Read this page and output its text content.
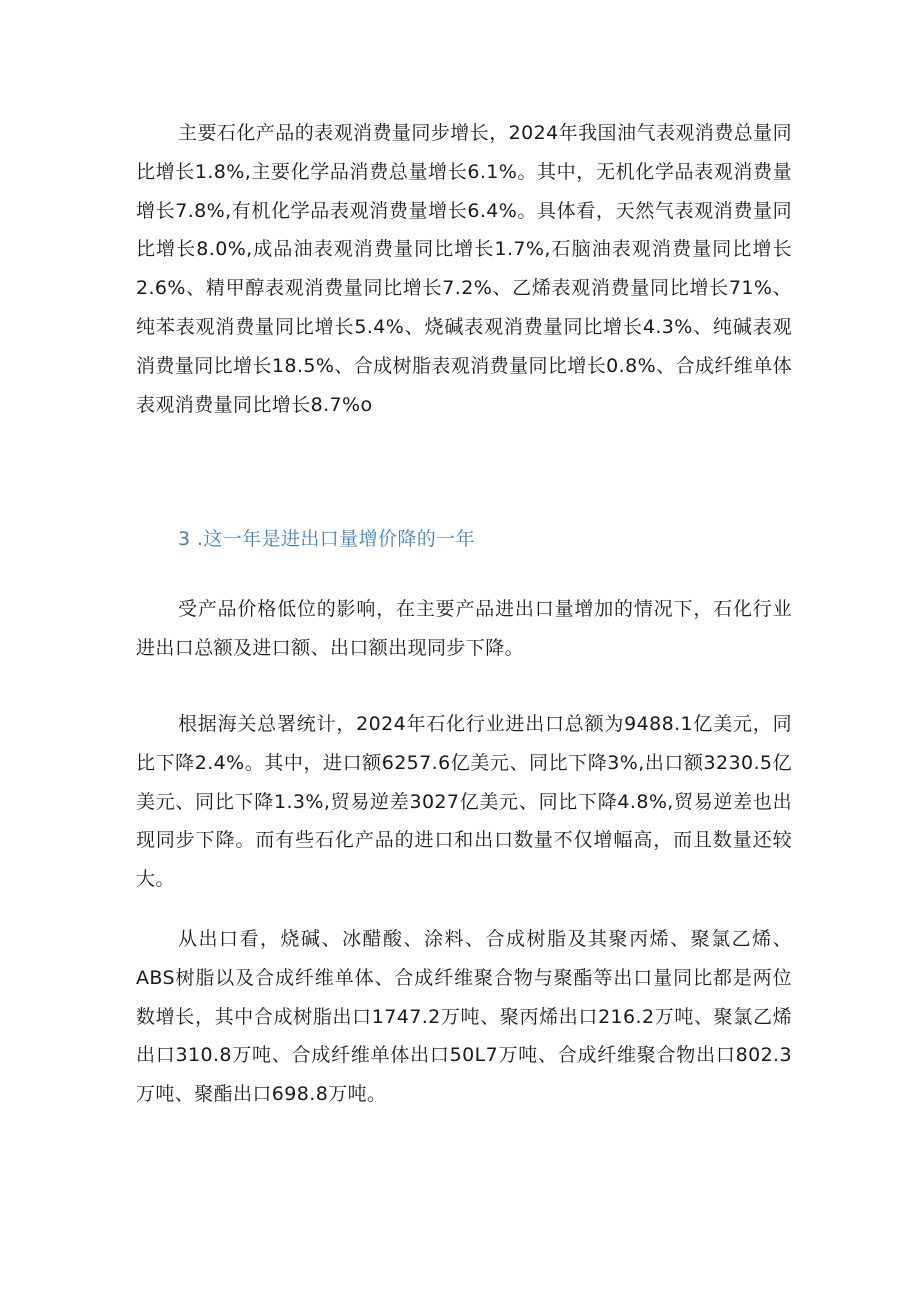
主要石化产品的表观消费量同步增长，2024年我国油气表观消费总量同比增长1.8%,主要化学品消费总量增长6.1%。其中，无机化学品表观消费量增长7.8%,有机化学品表观消费量增长6.4%。具体看，天然气表观消费量同比增长8.0%,成品油表观消费量同比增长1.7%,石脑油表观消费量同比增长2.6%、精甲醇表观消费量同比增长7.2%、乙烯表观消费量同比增长71%、纯苯表观消费量同比增长5.4%、烧碱表观消费量同比增长4.3%、纯碱表观消费量同比增长18.5%、合成树脂表观消费量同比增长0.8%、合成纤维单体表观消费量同比增长8.7%o

3 .这一年是进出口量增价降的一年

受产品价格低位的影响，在主要产品进出口量增加的情况下，石化行业进出口总额及进口额、出口额出现同步下降。

根据海关总署统计，2024年石化行业进出口总额为9488.1亿美元，同比下降2.4%。其中，进口额6257.6亿美元、同比下降3%,出口额3230.5亿美元、同比下降1.3%,贸易逆差3027亿美元、同比下降4.8%,贸易逆差也出现同步下降。而有些石化产品的进口和出口数量不仅增幅高，而且数量还较大。

从出口看，烧碱、冰醋酸、涂料、合成树脂及其聚丙烯、聚氯乙烯、ABS树脂以及合成纤维单体、合成纤维聚合物与聚酯等出口量同比都是两位数增长，其中合成树脂出口1747.2万吨、聚丙烯出口216.2万吨、聚氯乙烯出口310.8万吨、合成纤维单体出口50L7万吨、合成纤维聚合物出口802.3万吨、聚酯出口698.8万吨。
